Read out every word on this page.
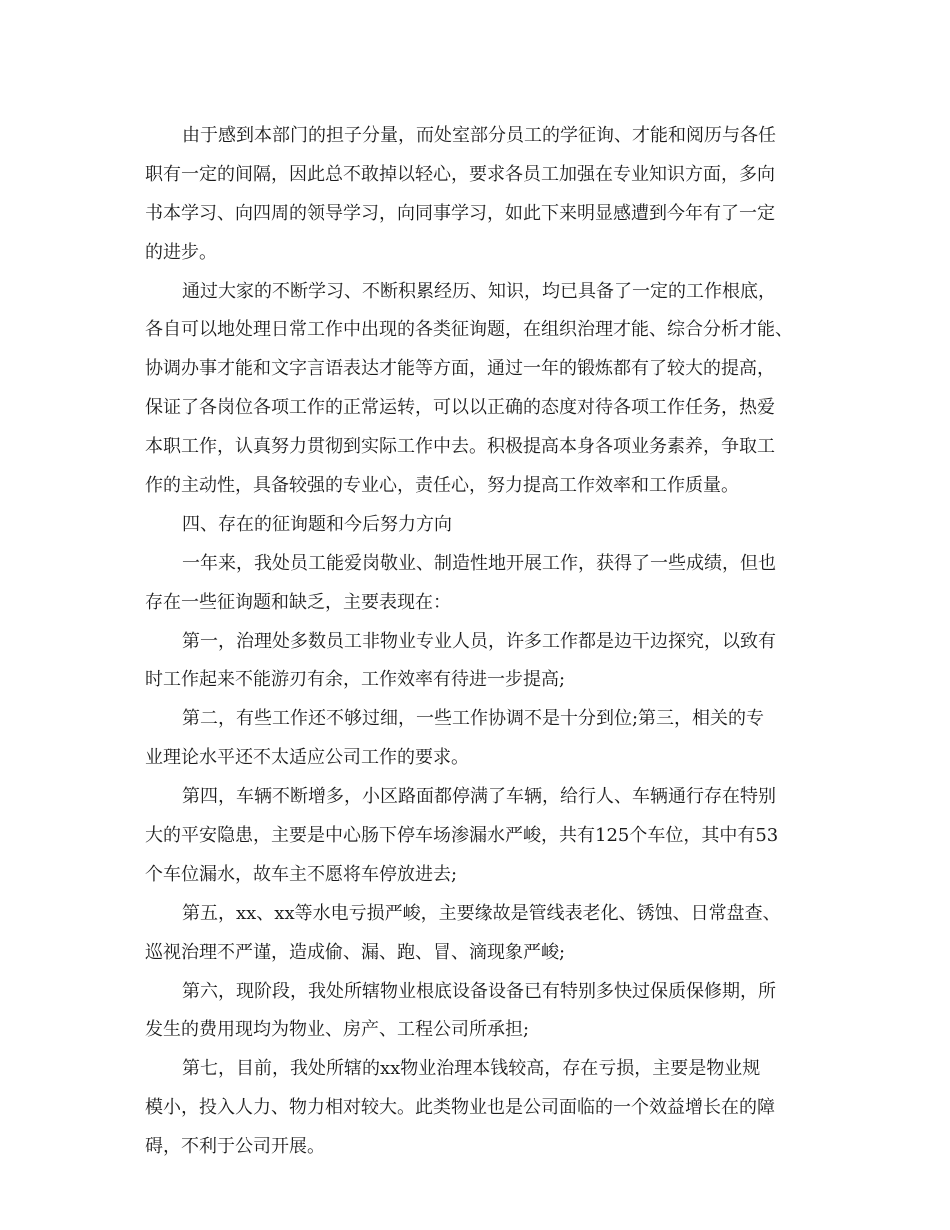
由于感到本部门的担子分量，而处室部分员工的学征询、才能和阅历与各任
职有一定的间隔，因此总不敢掉以轻心，要求各员工加强在专业知识方面，多向
书本学习、向四周的领导学习，向同事学习，如此下来明显感遭到今年有了一定
的进步。
通过大家的不断学习、不断积累经历、知识，均已具备了一定的工作根底，
各自可以地处理日常工作中出现的各类征询题，在组织治理才能、综合分析才能、
协调办事才能和文字言语表达才能等方面，通过一年的锻炼都有了较大的提高，
保证了各岗位各项工作的正常运转，可以以正确的态度对待各项工作任务，热爱
本职工作，认真努力贯彻到实际工作中去。积极提高本身各项业务素养，争取工
作的主动性，具备较强的专业心，责任心，努力提高工作效率和工作质量。
四、存在的征询题和今后努力方向
一年来，我处员工能爱岗敬业、制造性地开展工作，获得了一些成绩，但也
存在一些征询题和缺乏，主要表现在：
第一，治理处多数员工非物业专业人员，许多工作都是边干边探究，以致有
时工作起来不能游刃有余，工作效率有待进一步提高;
第二，有些工作还不够过细，一些工作协调不是十分到位;第三，相关的专
业理论水平还不太适应公司工作的要求。
第四，车辆不断增多，小区路面都停满了车辆，给行人、车辆通行存在特别
大的平安隐患，主要是中心肠下停车场渗漏水严峻，共有125个车位，其中有53
个车位漏水，故车主不愿将车停放进去;
第五，xx、xx等水电亏损严峻，主要缘故是管线表老化、锈蚀、日常盘查、
巡视治理不严谨，造成偷、漏、跑、冒、滴现象严峻;
第六，现阶段，我处所辖物业根底设备设备已有特别多快过保质保修期，所
发生的费用现均为物业、房产、工程公司所承担;
第七，目前，我处所辖的xx物业治理本钱较高，存在亏损，主要是物业规
模小，投入人力、物力相对较大。此类物业也是公司面临的一个效益增长在的障
碍，不利于公司开展。
